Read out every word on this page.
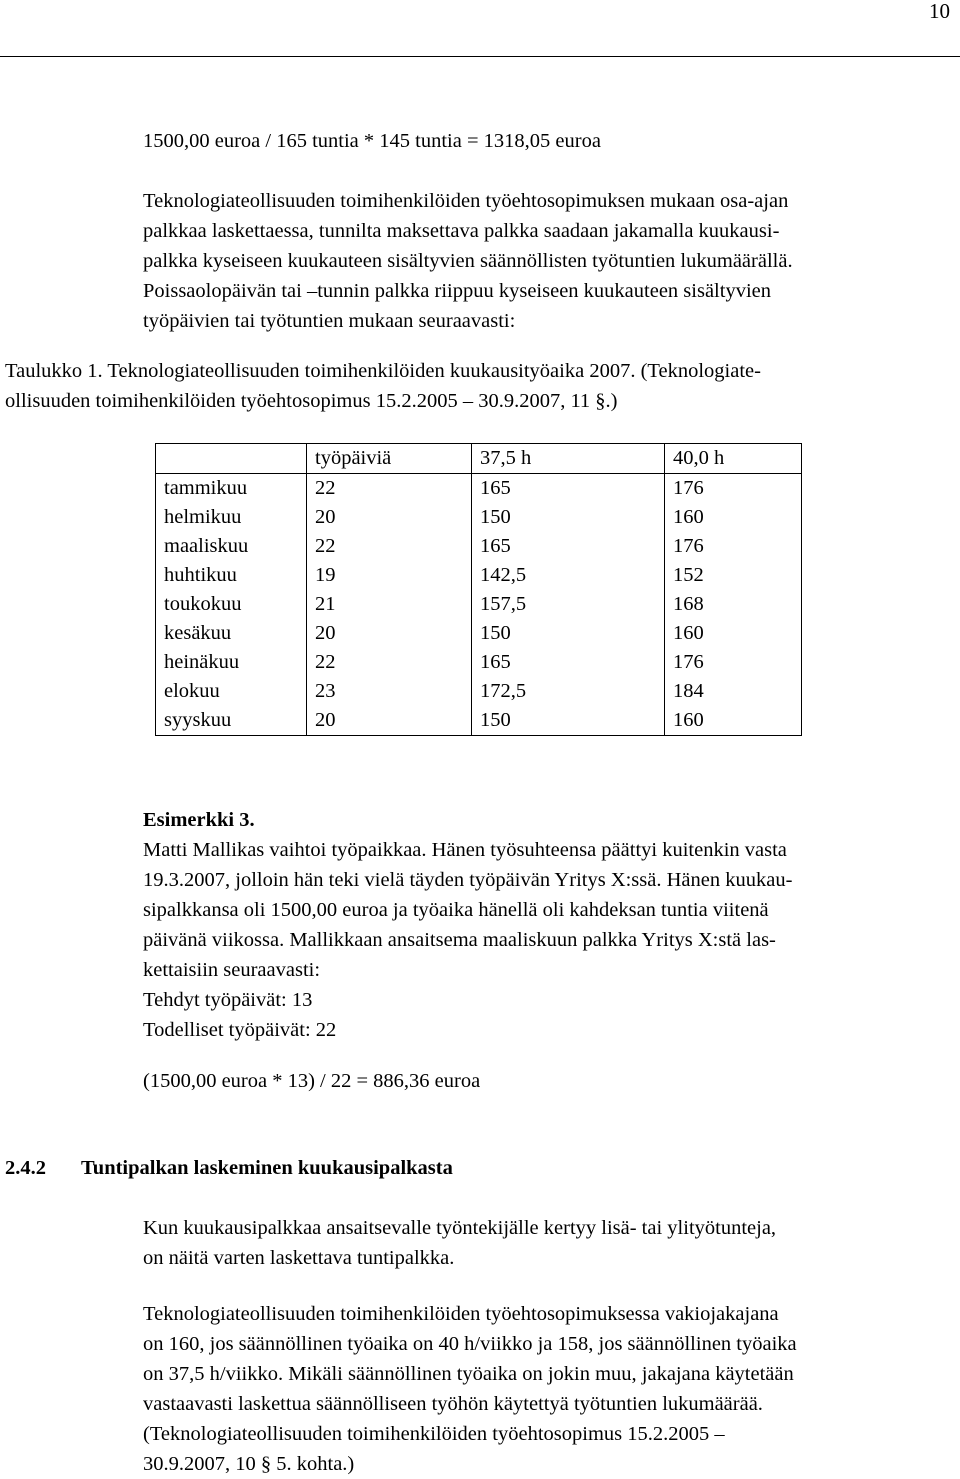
10
1500,00 euroa / 165 tuntia * 145 tuntia = 1318,05 euroa
Teknologiateollisuuden toimihenkilöiden työehtosopimuksen mukaan osa-ajan
palkkaa laskettaessa, tunnilta maksettava palkka saadaan jakamalla kuukausi-
palkka kyseiseen kuukauteen sisältyvien säännöllisten työtuntien lukumäärällä.
Poissaolopäivän tai –tunnin palkka riippuu kyseiseen kuukauteen sisältyvien
työpäivien tai työtuntien mukaan seuraavasti:
Taulukko 1. Teknologiateollisuuden toimihenkilöiden kuukausityöaika 2007. (Teknologiate-
ollisuuden toimihenkilöiden työehtosopimus 15.2.2005 – 30.9.2007, 11 §.)
	työpäiviä	37,5 h	40,0 h
tammikuu	22	165	176
helmikuu	20	150	160
maaliskuu	22	165	176
huhtikuu	19	142,5	152
toukokuu	21	157,5	168
kesäkuu	20	150	160
heinäkuu	22	165	176
elokuu	23	172,5	184
syyskuu	20	150	160
Esimerkki 3.
Matti Mallikas vaihtoi työpaikkaa. Hänen työsuhteensa päättyi kuitenkin vasta
19.3.2007, jolloin hän teki vielä täyden työpäivän Yritys X:ssä. Hänen kuukau-
sipalkkansa oli 1500,00 euroa ja työaika hänellä oli kahdeksan tuntia viitenä
päivänä viikossa. Mallikkaan ansaitsema maaliskuun palkka Yritys X:stä las-
kettaisiin seuraavasti:
Tehdyt työpäivät: 13
Todelliset työpäivät: 22
(1500,00 euroa * 13) / 22 = 886,36 euroa
2.4.2 Tuntipalkan laskeminen kuukausipalkasta
Kun kuukausipalkkaa ansaitsevalle työntekijälle kertyy lisä- tai ylityötunteja,
on näitä varten laskettava tuntipalkka.
Teknologiateollisuuden toimihenkilöiden työehtosopimuksessa vakiojakajana
on 160, jos säännöllinen työaika on 40 h/viikko ja 158, jos säännöllinen työaika
on 37,5 h/viikko. Mikäli säännöllinen työaika on jokin muu, jakajana käytetään
vastaavasti laskettua säännölliseen työhön käytettyä työtuntien lukumäärää.
(Teknologiateollisuuden toimihenkilöiden työehtosopimus 15.2.2005 –
30.9.2007, 10 § 5. kohta.)
